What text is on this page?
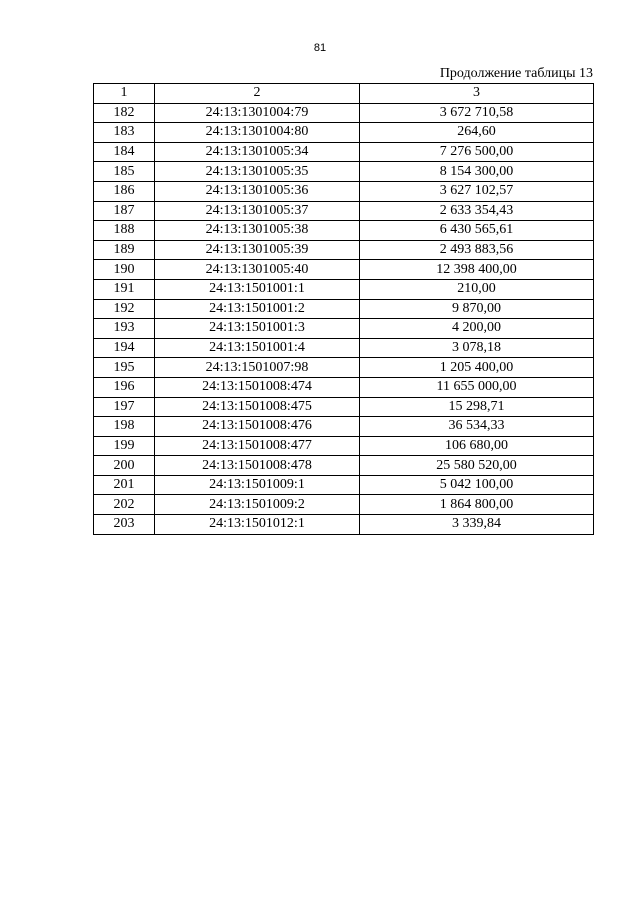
81
Продолжение таблицы 13
1	2	3
182	24:13:1301004:79	3 672 710,58
183	24:13:1301004:80	264,60
184	24:13:1301005:34	7 276 500,00
185	24:13:1301005:35	8 154 300,00
186	24:13:1301005:36	3 627 102,57
187	24:13:1301005:37	2 633 354,43
188	24:13:1301005:38	6 430 565,61
189	24:13:1301005:39	2 493 883,56
190	24:13:1301005:40	12 398 400,00
191	24:13:1501001:1	210,00
192	24:13:1501001:2	9 870,00
193	24:13:1501001:3	4 200,00
194	24:13:1501001:4	3 078,18
195	24:13:1501007:98	1 205 400,00
196	24:13:1501008:474	11 655 000,00
197	24:13:1501008:475	15 298,71
198	24:13:1501008:476	36 534,33
199	24:13:1501008:477	106 680,00
200	24:13:1501008:478	25 580 520,00
201	24:13:1501009:1	5 042 100,00
202	24:13:1501009:2	1 864 800,00
203	24:13:1501012:1	3 339,84
